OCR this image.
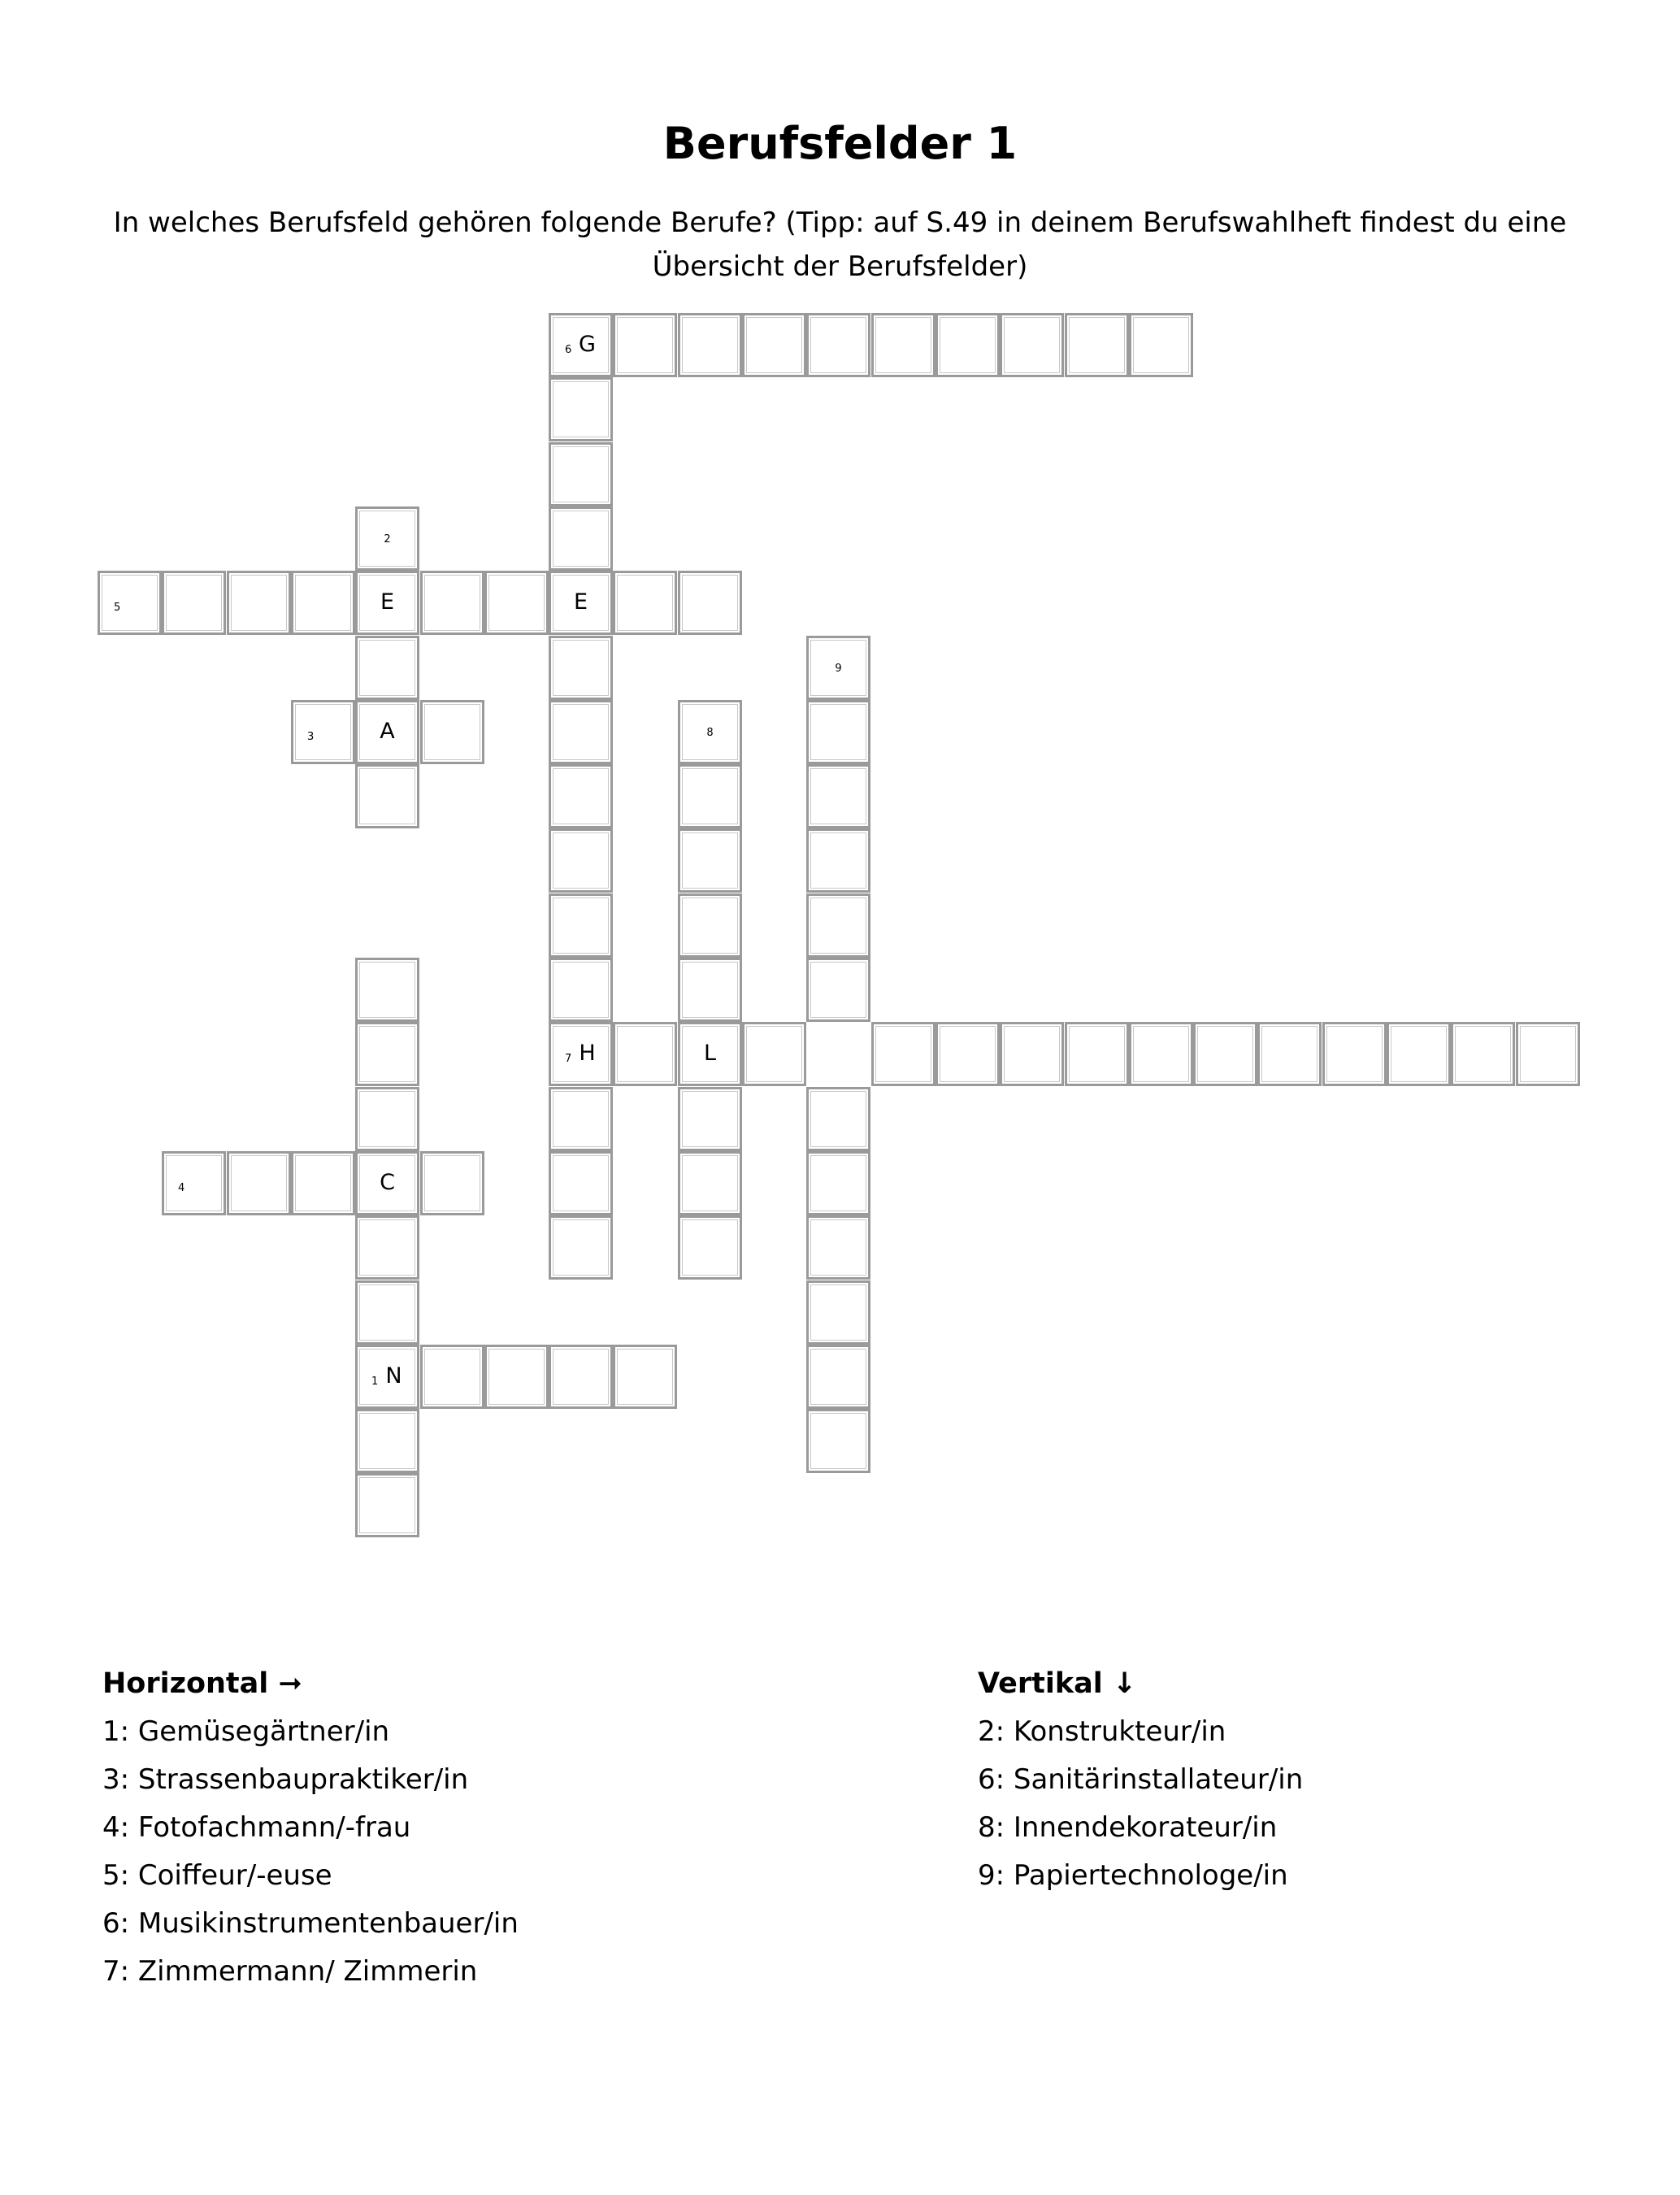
Berufsfelder 1
In welches Berufsfeld gehören folgende Berufe? (Tipp: auf S.49 in deinem Berufswahlheft findest du eine Übersicht der Berufsfelder)
1 N
3	A
4	C
5	E	E
6 G
7 H	L
2
8
9
Horizontal ➞
1: Gemüsegärtner/in
3: Strassenbaupraktiker/in
4: Fotofachmann/-frau
5: Coiffeur/-euse
6: Musikinstrumentenbauer/in
7: Zimmermann/ Zimmerin
Vertikal ↓
2: Konstrukteur/in
6: Sanitärinstallateur/in
8: Innendekorateur/in
9: Papiertechnologe/in
